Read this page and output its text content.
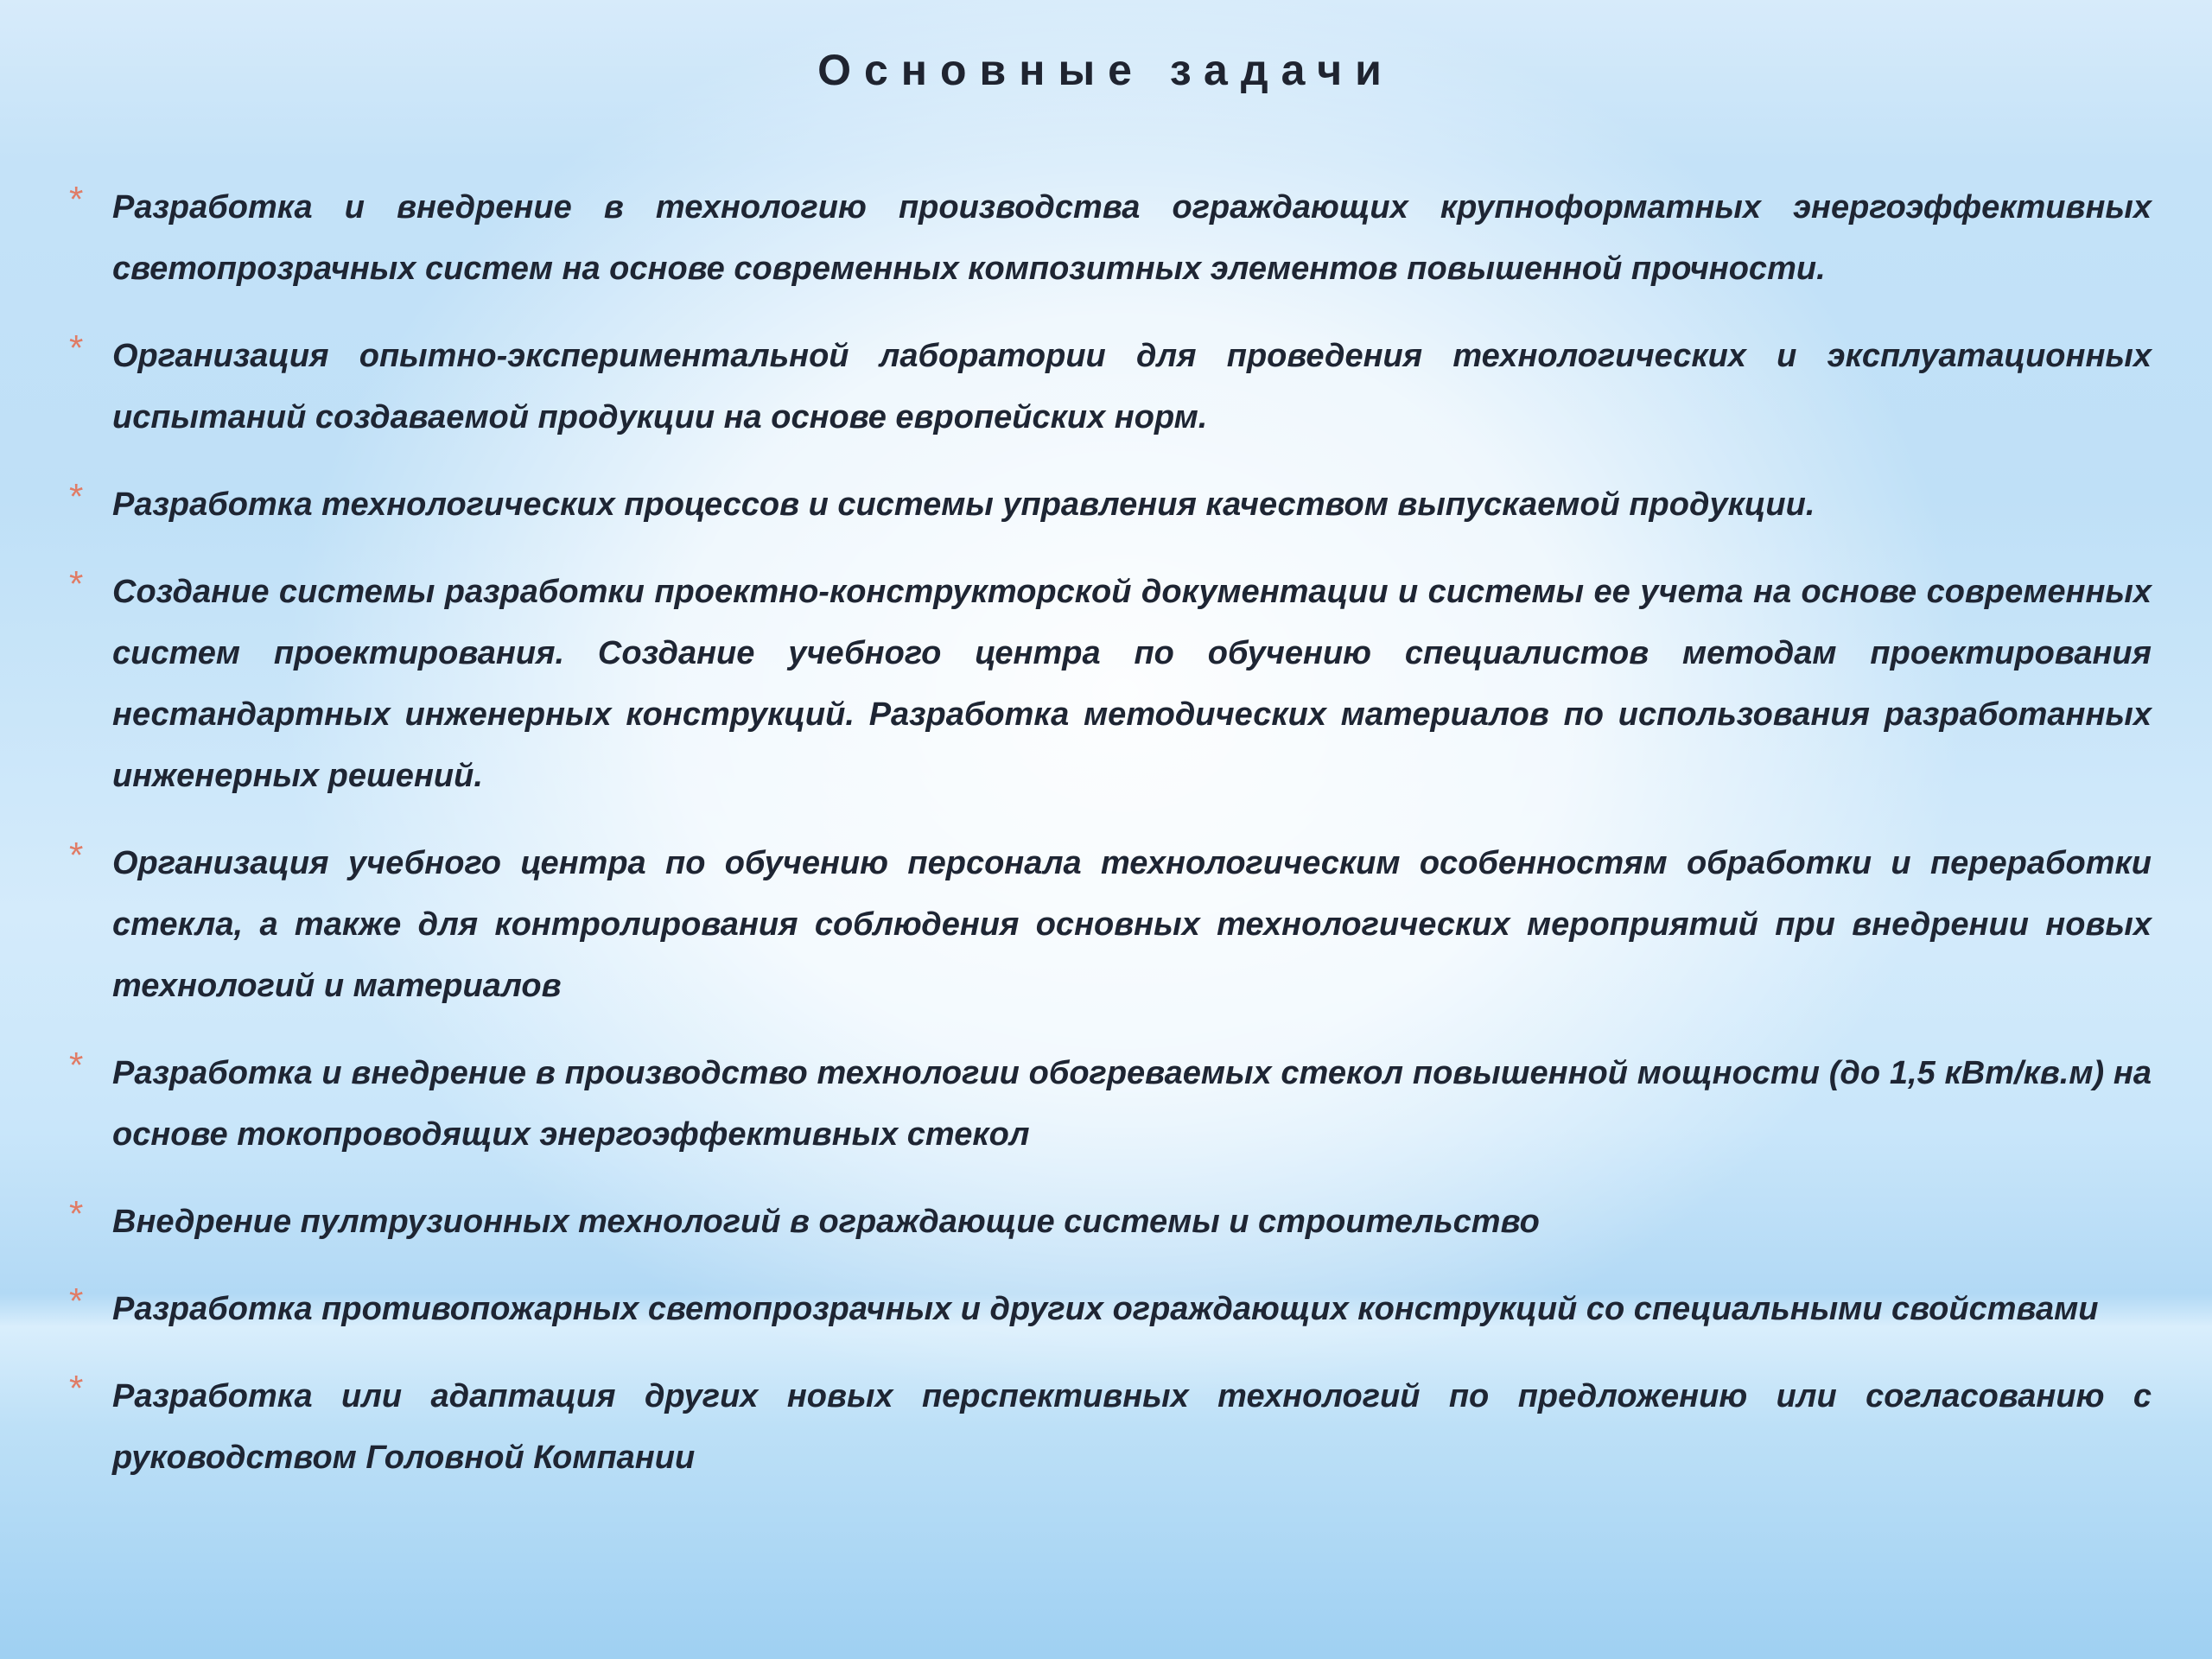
Основные задачи
* Разработка и внедрение в технологию производства ограждающих крупноформатных энергоэффективных светопрозрачных систем на основе современных композитных элементов повышенной прочности.
* Организация опытно-экспериментальной лаборатории для проведения технологических и эксплуатационных испытаний создаваемой продукции на основе европейских норм.
* Разработка технологических процессов и системы управления качеством выпускаемой продукции.
* Создание системы разработки проектно-конструкторской документации и системы ее учета на основе современных систем проектирования. Создание учебного центра по обучению специалистов методам проектирования нестандартных инженерных конструкций. Разработка методических материалов по использования разработанных инженерных решений.
* Организация учебного центра по обучению персонала технологическим особенностям обработки и переработки стекла, а также для контролирования соблюдения основных технологических мероприятий при внедрении новых технологий и материалов
* Разработка и внедрение в производство технологии обогреваемых стекол повышенной мощности (до 1,5 кВт/кв.м) на основе токопроводящих энергоэффективных стекол
* Внедрение пултрузионных технологий в ограждающие системы и строительство
* Разработка противопожарных светопрозрачных и других ограждающих конструкций со специальными свойствами
* Разработка или адаптация других новых перспективных технологий по предложению или согласованию с руководством Головной Компании
